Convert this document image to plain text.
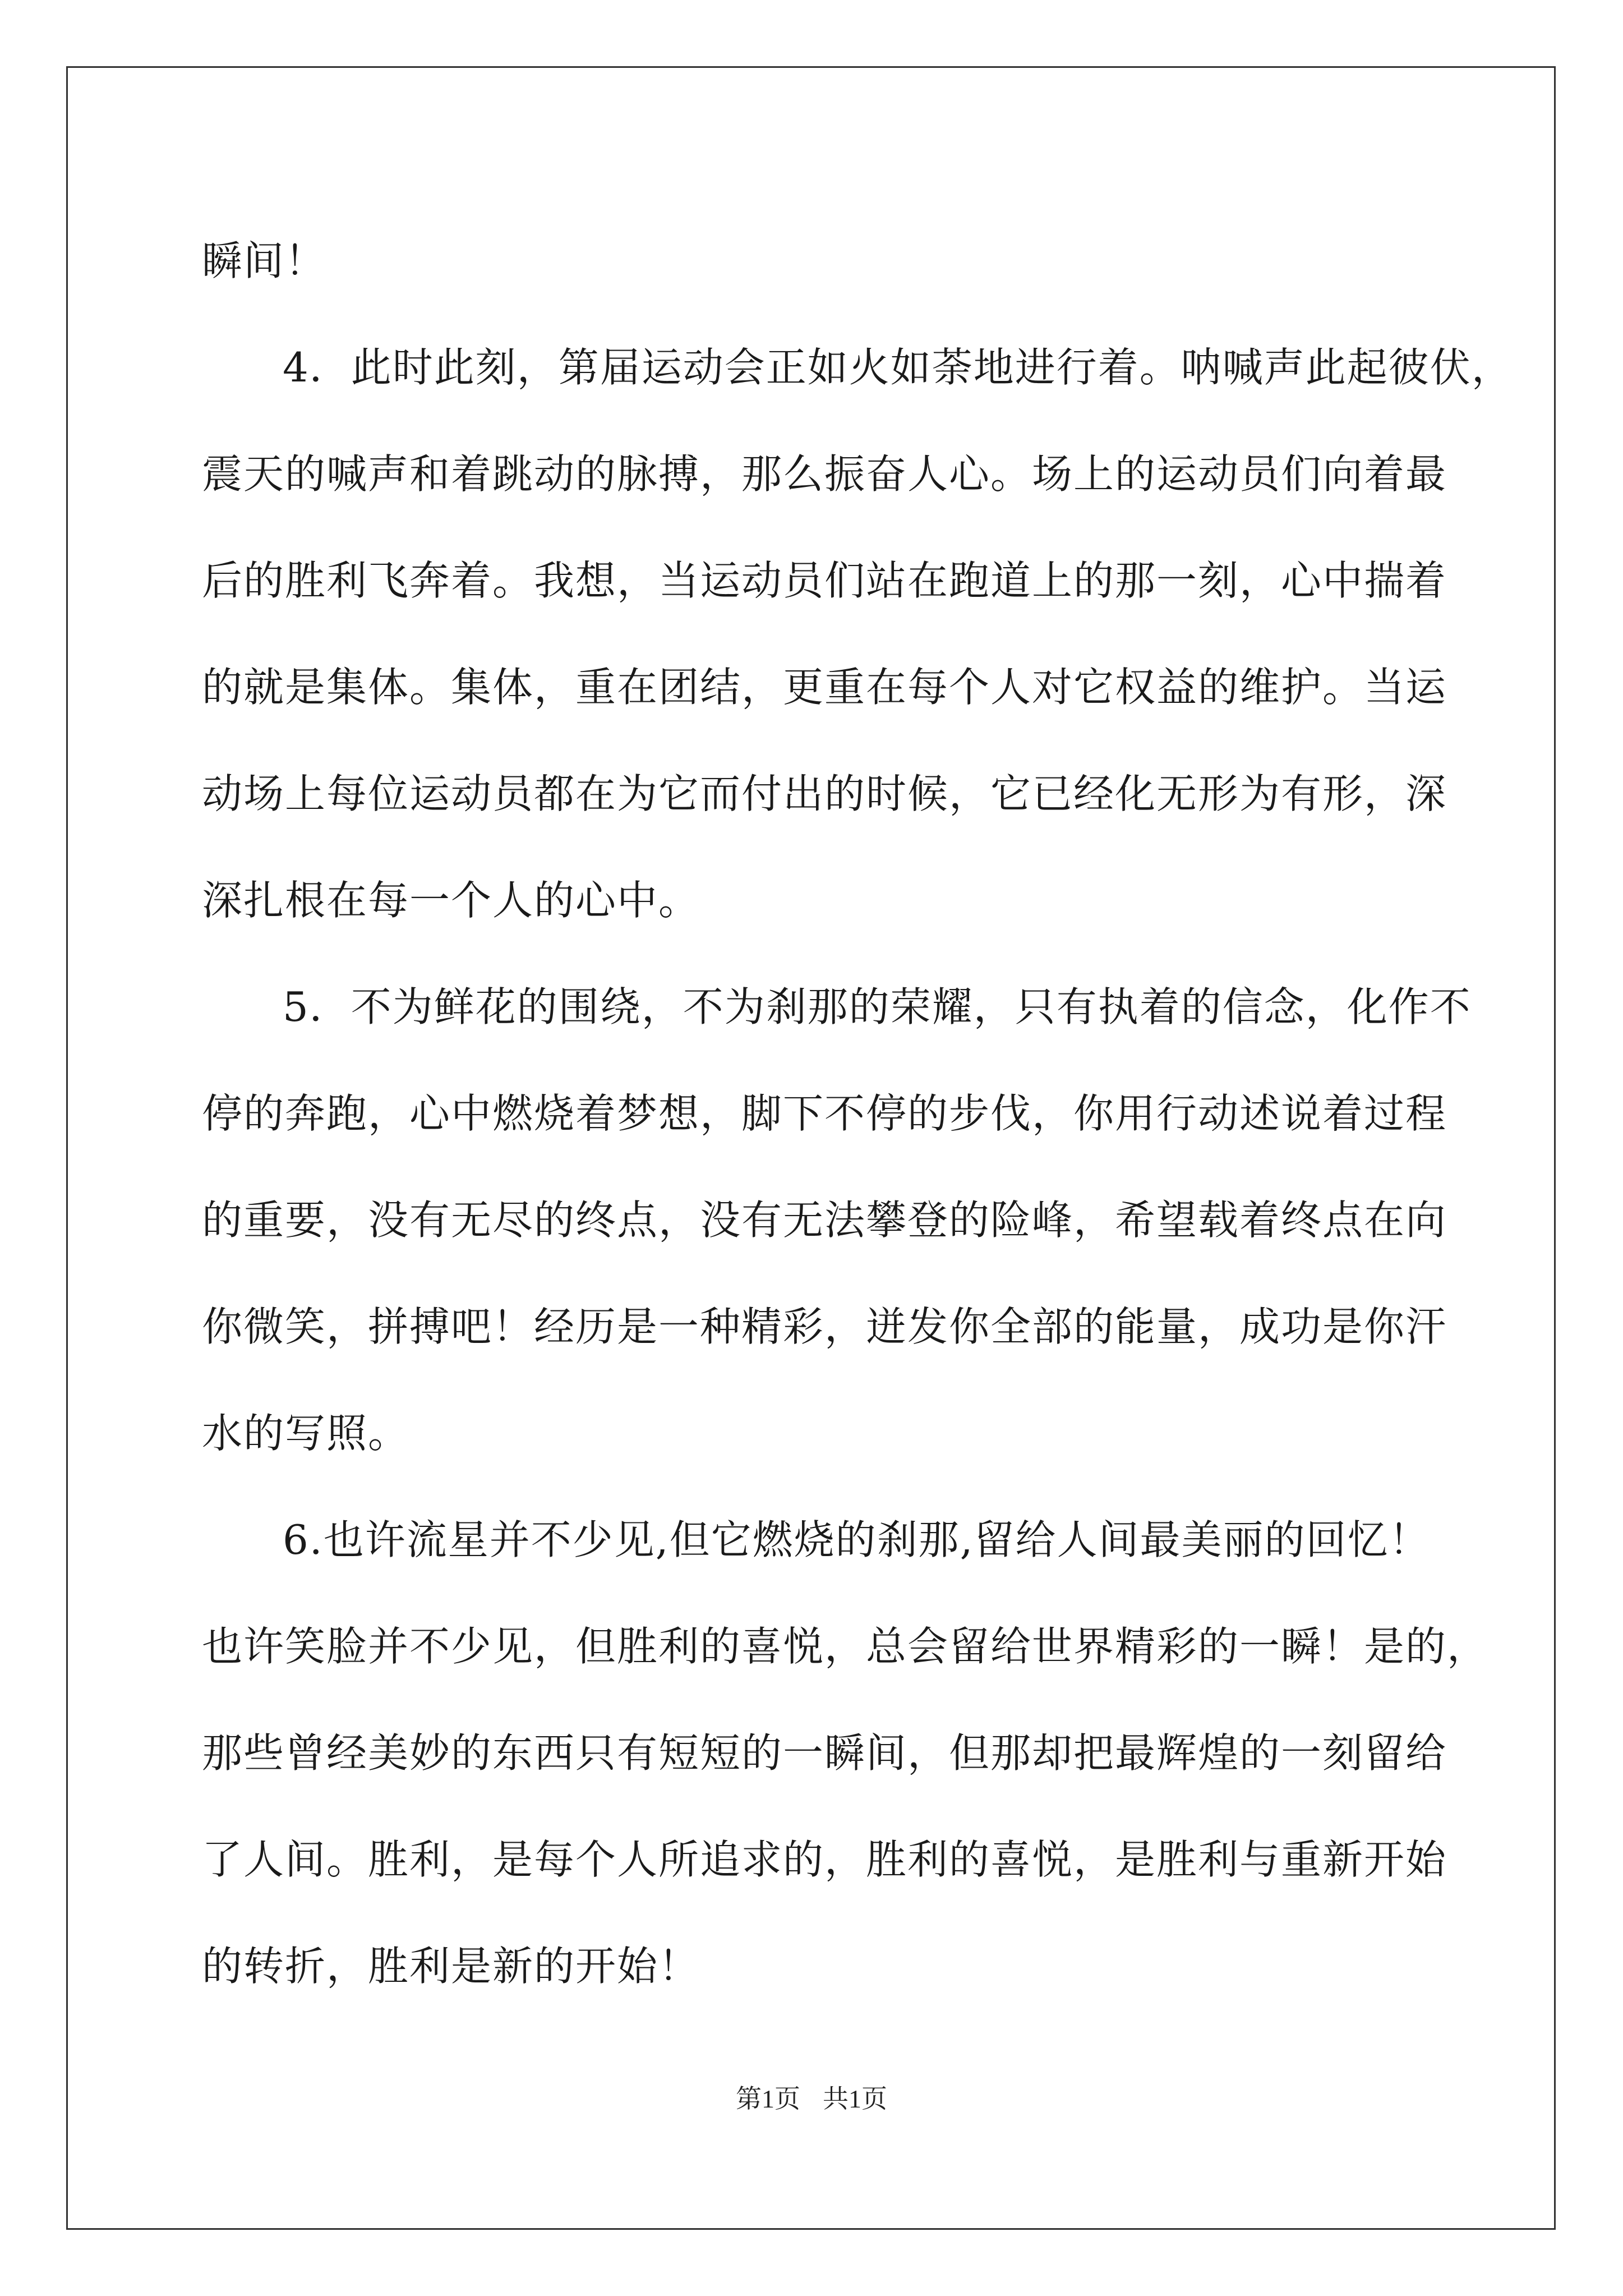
瞬间！

4．此时此刻，第届运动会正如火如荼地进行着。呐喊声此起彼伏，

震天的喊声和着跳动的脉搏，那么振奋人心。场上的运动员们向着最
后的胜利飞奔着。我想，当运动员们站在跑道上的那一刻，心中揣着
的就是集体。集体，重在团结，更重在每个人对它权益的维护。当运
动场上每位运动员都在为它而付出的时候，它已经化无形为有形，深
深扎根在每一个人的心中。

5．不为鲜花的围绕，不为刹那的荣耀，只有执着的信念，化作不

停的奔跑，心中燃烧着梦想，脚下不停的步伐，你用行动述说着过程
的重要，没有无尽的终点，没有无法攀登的险峰，希望载着终点在向
你微笑，拼搏吧！经历是一种精彩，迸发你全部的能量，成功是你汗
水的写照。

6.也许流星并不少见,但它燃烧的刹那,留给人间最美丽的回忆！

也许笑脸并不少见，但胜利的喜悦，总会留给世界精彩的一瞬！是的，
那些曾经美妙的东西只有短短的一瞬间，但那却把最辉煌的一刻留给
了人间。胜利，是每个人所追求的，胜利的喜悦，是胜利与重新开始
的转折，胜利是新的开始！

第1页 共1页
